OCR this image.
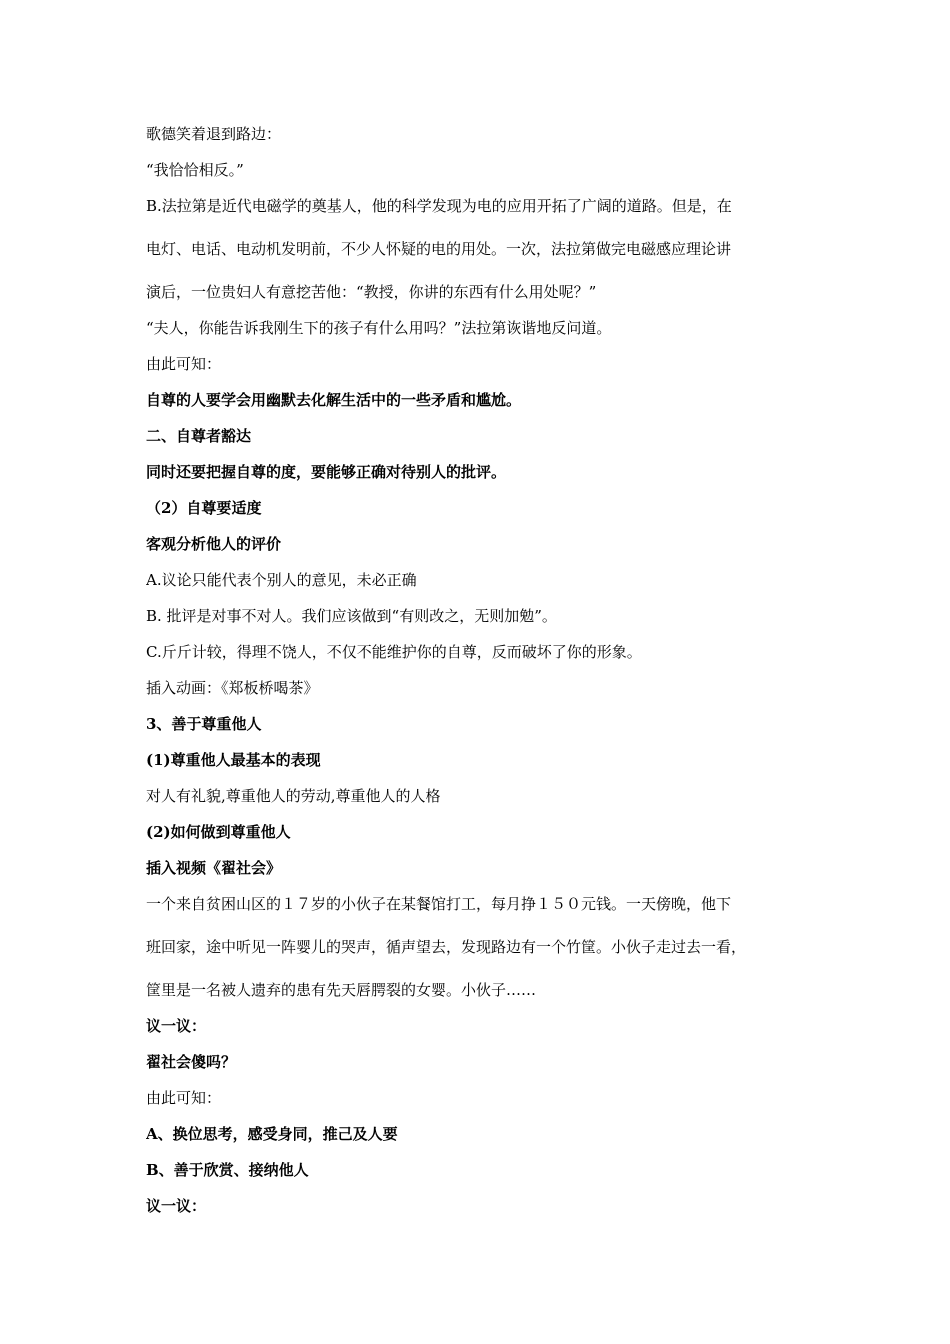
歌德笑着退到路边：

“我恰恰相反。”

B.法拉第是近代电磁学的奠基人，他的科学发现为电的应用开拓了广阔的道路。但是，在

电灯、电话、电动机发明前，不少人怀疑的电的用处。一次，法拉第做完电磁感应理论讲

演后，一位贵妇人有意挖苦他：“教授，你讲的东西有什么用处呢？”

“夫人，你能告诉我刚生下的孩子有什么用吗？”法拉第诙谐地反问道。

由此可知：

自尊的人要学会用幽默去化解生活中的一些矛盾和尴尬。

二、自尊者豁达

同时还要把握自尊的度，要能够正确对待别人的批评。

（2）自尊要适度

客观分析他人的评价

A.议论只能代表个别人的意见，未必正确

B. 批评是对事不对人。我们应该做到“有则改之，无则加勉”。

C.斤斤计较，得理不饶人，不仅不能维护你的自尊，反而破坏了你的形象。

插入动画：《郑板桥喝茶》

3、善于尊重他人

(1)尊重他人最基本的表现

对人有礼貌,尊重他人的劳动,尊重他人的人格

(2)如何做到尊重他人

插入视频《翟社会》

一个来自贫困山区的１７岁的小伙子在某餐馆打工，每月挣１５０元钱。一天傍晚，他下

班回家，途中听见一阵婴儿的哭声，循声望去，发现路边有一个竹筐。小伙子走过去一看，

筐里是一名被人遗弃的患有先天唇腭裂的女婴。小伙子……

议一议：

翟社会傻吗？

由此可知：

A、换位思考，感受身同，推己及人要

B、善于欣赏、接纳他人

议一议：
